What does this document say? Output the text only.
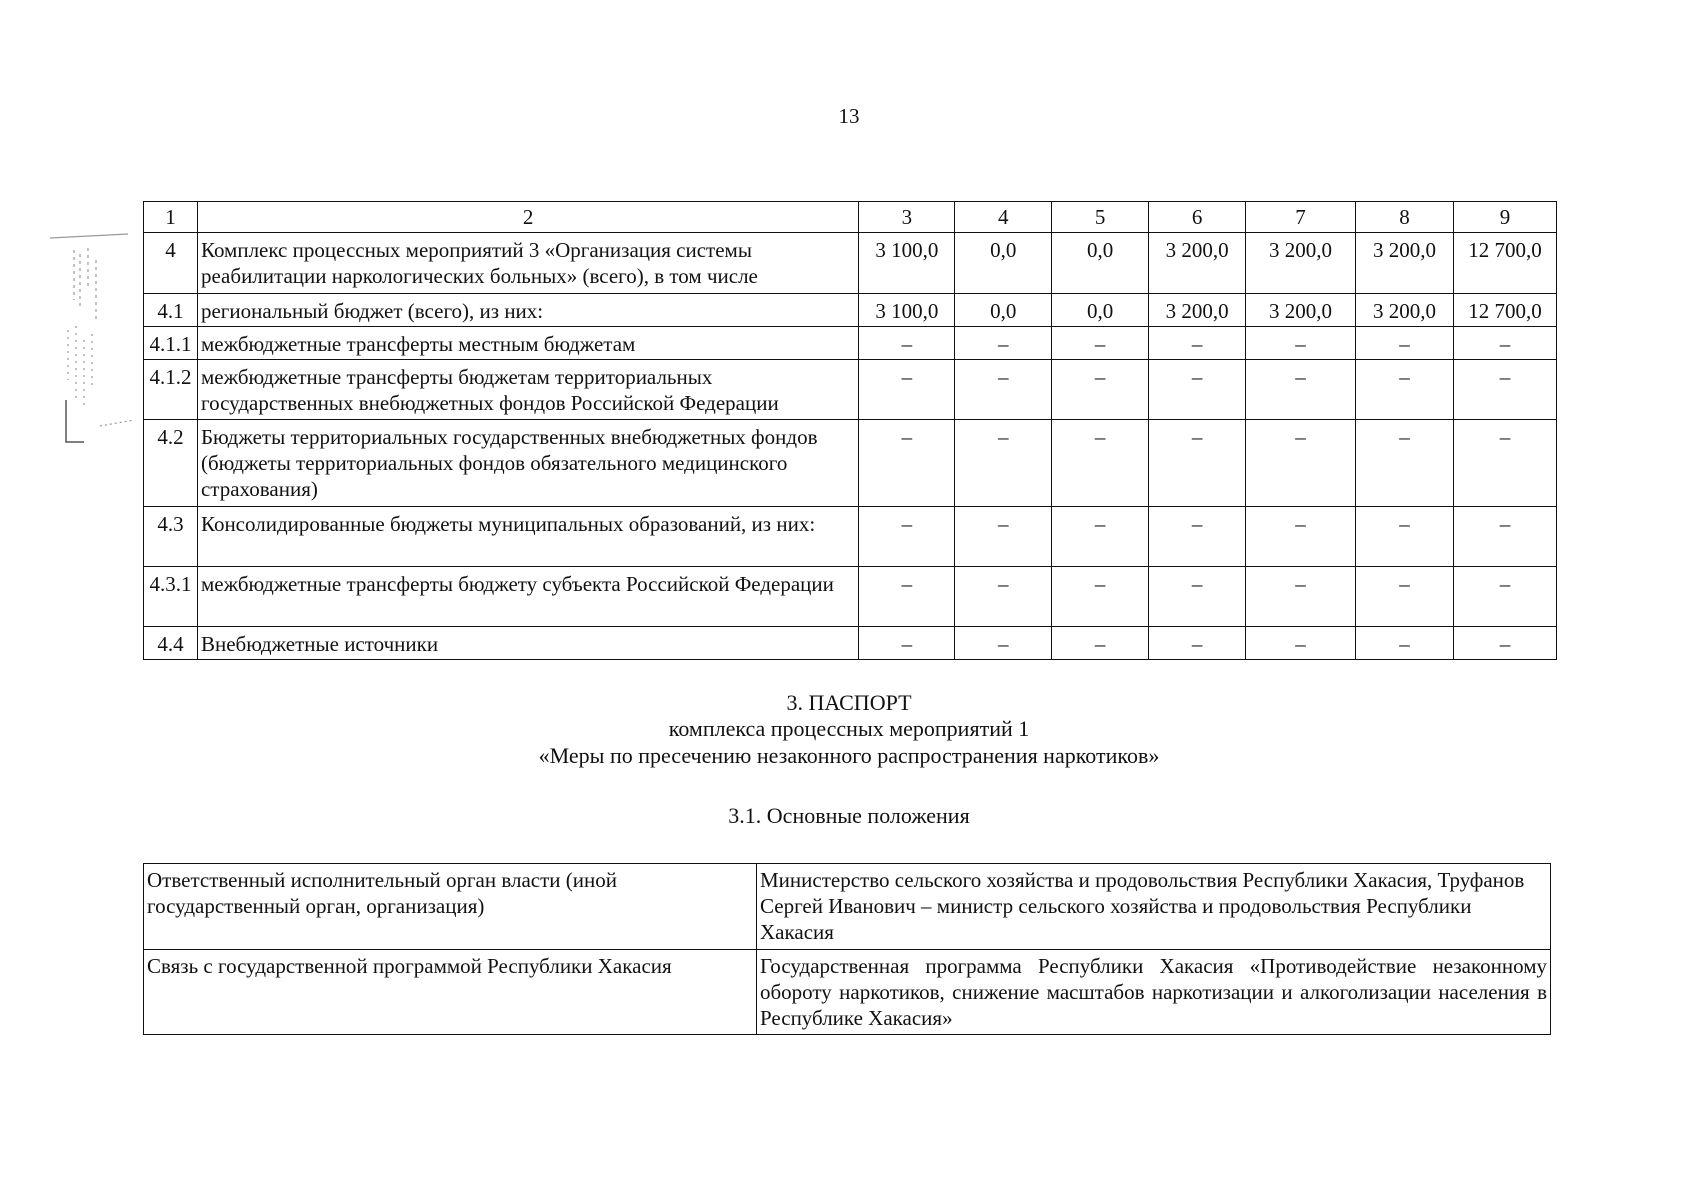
13
1	2	3	4	5	6	7	8	9
4	Комплекс процессных мероприятий 3 «Организация системы реабилитации наркологических больных» (всего), в том числе	3 100,0	0,0	0,0	3 200,0	3 200,0	3 200,0	12 700,0
4.1	региональный бюджет (всего), из них:	3 100,0	0,0	0,0	3 200,0	3 200,0	3 200,0	12 700,0
4.1.1	межбюджетные трансферты местным бюджетам	–	–	–	–	–	–	–
4.1.2	межбюджетные трансферты бюджетам территориальных государственных внебюджетных фондов Российской Федерации	–	–	–	–	–	–	–
4.2	Бюджеты территориальных государственных внебюджетных фондов (бюджеты территориальных фондов обязательного медицинского страхования)	–	–	–	–	–	–	–
4.3	Консолидированные бюджеты муниципальных образований, из них:	–	–	–	–	–	–	–
4.3.1	межбюджетные трансферты бюджету субъекта Российской Федерации	–	–	–	–	–	–	–
4.4	Внебюджетные источники	–	–	–	–	–	–	–
3. ПАСПОРТ
комплекса процессных мероприятий 1
«Меры по пресечению незаконного распространения наркотиков»
3.1. Основные положения
Ответственный исполнительный орган власти (иной государственный орган, организация)	Министерство сельского хозяйства и продовольствия Республики Хакасия, Труфанов Сергей Иванович – министр сельского хозяйства и продовольствия Республики Хакасия
Связь с государственной программой Республики Хакасия	Государственная программа Республики Хакасия «Противодействие незаконному обороту наркотиков, снижение масштабов наркотизации и алкоголизации населения в Республике Хакасия»
